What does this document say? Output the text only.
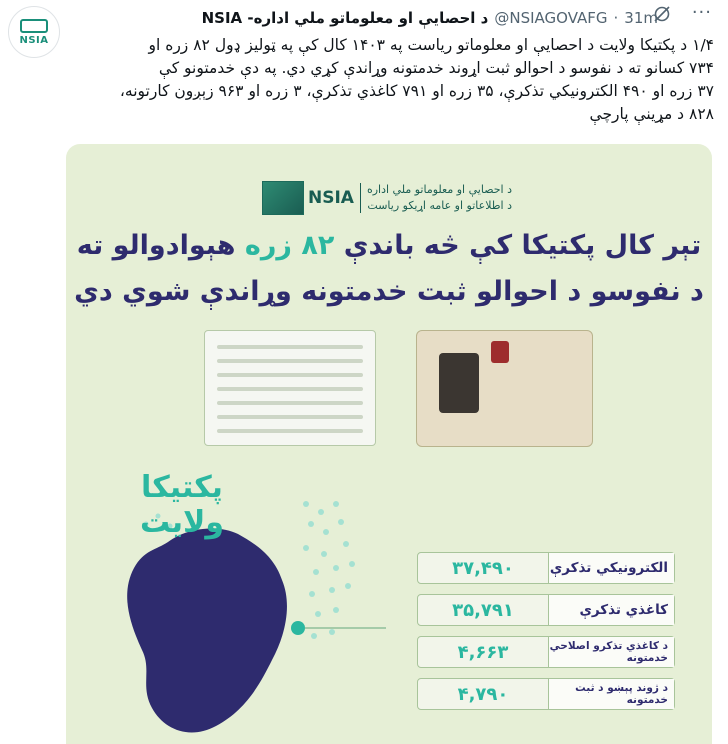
NSIA
NSIA -د احصايې او معلوماتو ملي اداره @NSIAGOVAFG · 31m ···

۱/۴ د پکتيکا ولايت د احصايې او معلوماتو رياست په ۱۴۰۳ کال کې په ټوليز ډول ۸۲ زره او

۷۳۴ کسانو ته د نفوسو د احوالو ثبت اړوند خدمتونه وړاندې کړي دي. په دې خدمتونو کې

۳۷ زره او ۴۹۰ الکترونيکي تذکرې، ۳۵ زره او ۷۹۱ کاغذي تذکرې، ۳ زره او ۹۶۳ زېږون کارتونه،

۸۲۸ د مړينې پارچې

NSIA د احصايې او معلوماتو ملي اداره
د اطلاعاتو او عامه اړيکو رياست
تېر کال پکتيکا کې څه باندې ۸۲ زره هېوادوالو ته
د نفوسو د احوالو ثبت خدمتونه وړاندې شوي دي
پکتيکا ولايت
الکترونيکي تذکرې
۳۷,۴۹۰
کاغذي تذکرې
۳۵,۷۹۱
د کاغذي تذکرو اصلاحي خدمتونه
۴,۶۶۳
د ژوند پېښو د ثبت خدمتونه
۴,۷۹۰
